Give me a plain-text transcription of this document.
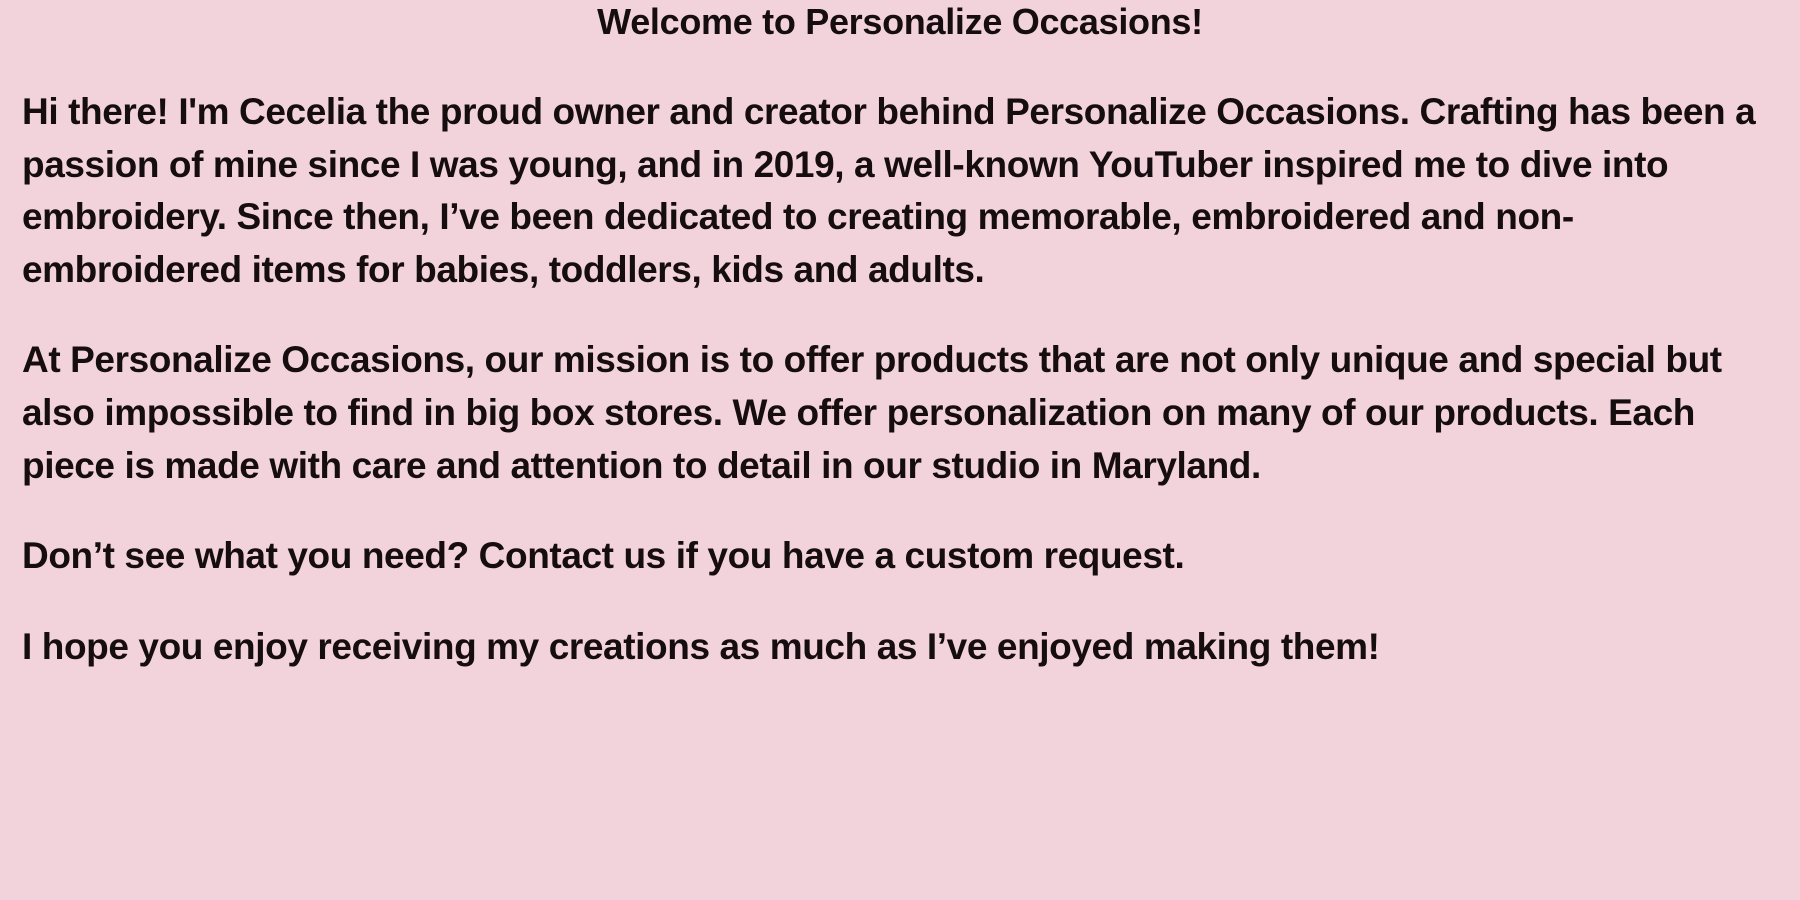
Welcome to Personalize Occasions!

Hi there! I'm Cecelia the proud owner and creator behind Personalize Occasions. Crafting has been a passion of mine since I was young, and in 2019, a well-known YouTuber inspired me to dive into embroidery. Since then, I’ve been dedicated to creating memorable, embroidered and non-embroidered items for babies, toddlers, kids and adults.

At Personalize Occasions, our mission is to offer products that are not only unique and special but also impossible to find in big box stores. We offer personalization on many of our products. Each piece is made with care and attention to detail in our studio in Maryland.

Don’t see what you need? Contact us if you have a custom request.

I hope you enjoy receiving my creations as much as I’ve enjoyed making them!
